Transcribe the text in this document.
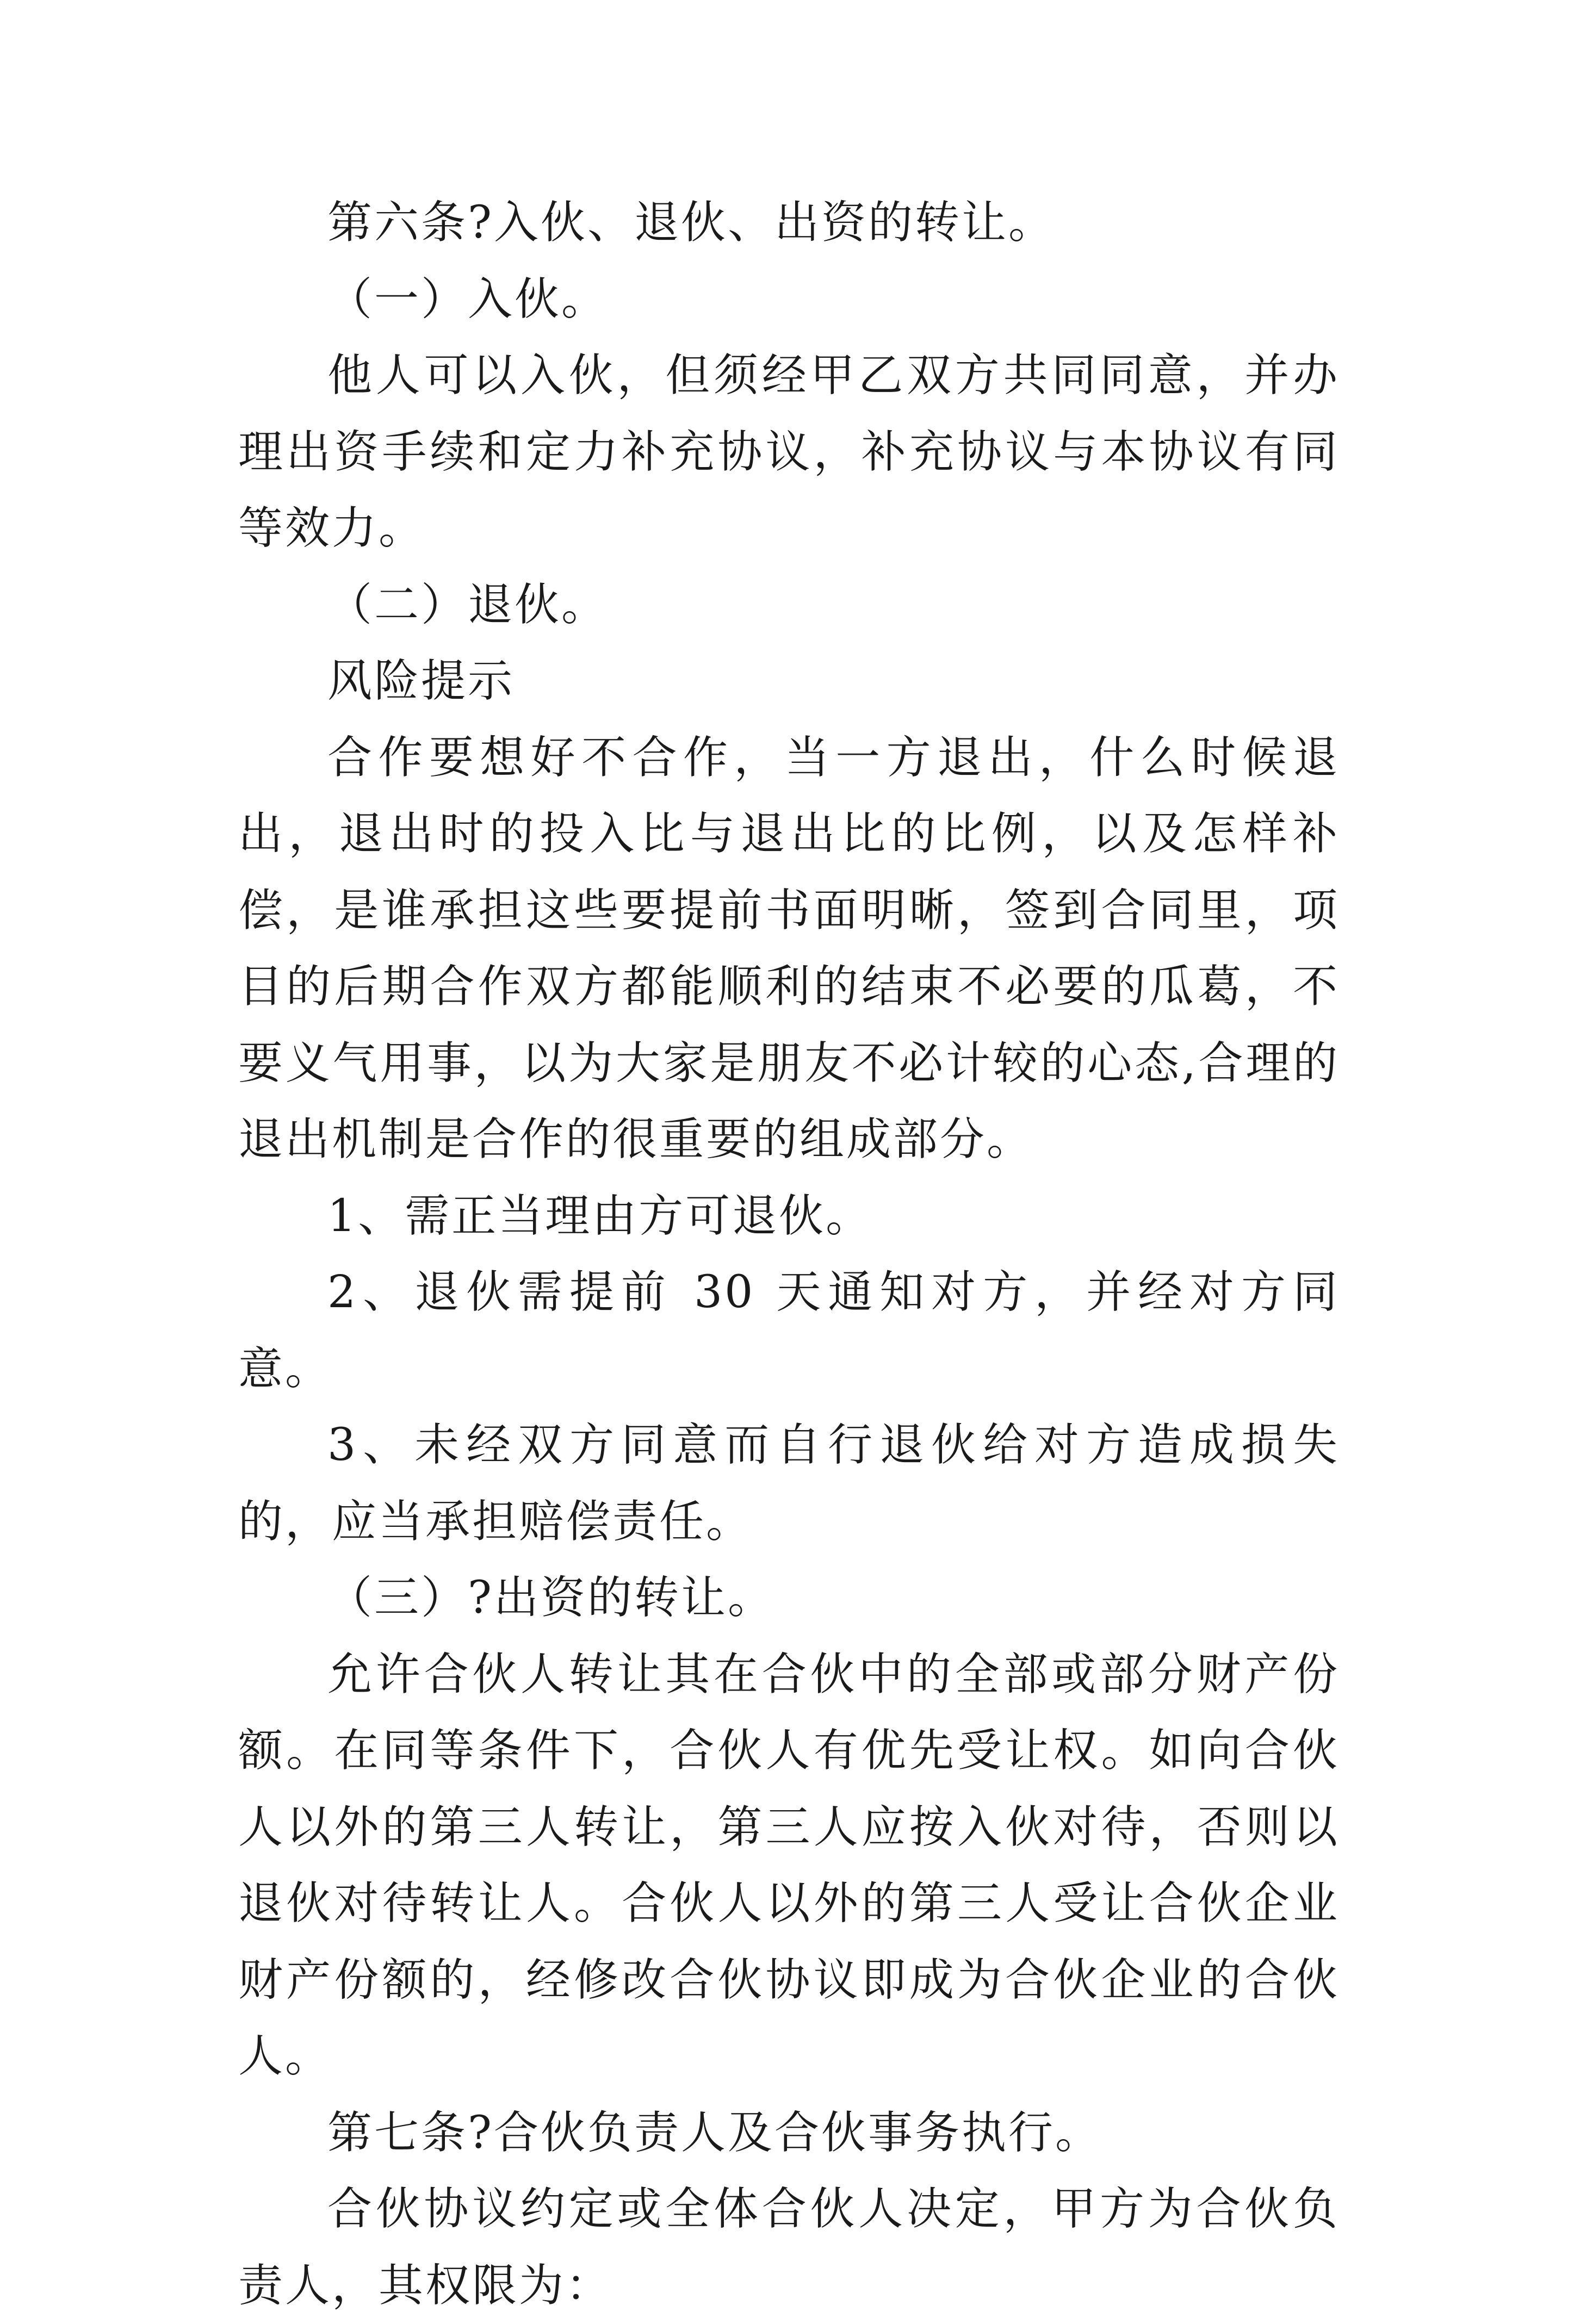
第六条?入伙、退伙、出资的转让。

（一）入伙。

他人可以入伙，但须经甲乙双方共同同意，并办理出资手续和定力补充协议，补充协议与本协议有同等效力。

（二）退伙。

风险提示

合作要想好不合作，当一方退出，什么时候退出，退出时的投入比与退出比的比例，以及怎样补偿，是谁承担这些要提前书面明晰，签到合同里，项目的后期合作双方都能顺利的结束不必要的瓜葛，不要义气用事，以为大家是朋友不必计较的心态,合理的退出机制是合作的很重要的组成部分。

1、需正当理由方可退伙。

2、退伙需提前 30 天通知对方，并经对方同意。

3、未经双方同意而自行退伙给对方造成损失的，应当承担赔偿责任。

（三）?出资的转让。

允许合伙人转让其在合伙中的全部或部分财产份额。在同等条件下，合伙人有优先受让权。如向合伙人以外的第三人转让，第三人应按入伙对待，否则以退伙对待转让人。合伙人以外的第三人受让合伙企业财产份额的，经修改合伙协议即成为合伙企业的合伙人。

第七条?合伙负责人及合伙事务执行。

合伙协议约定或全体合伙人决定，甲方为合伙负责人，其权限为：
